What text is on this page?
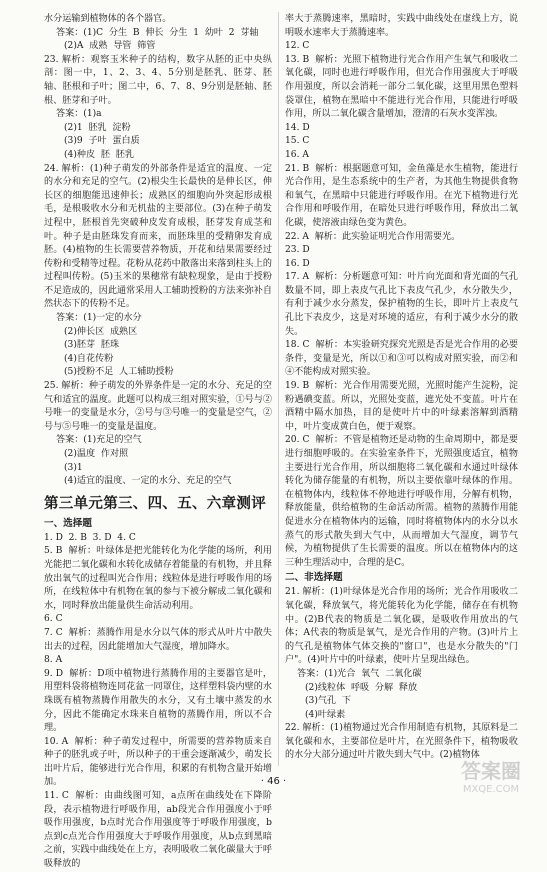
水分运输到植物体的各个器官。

答案：(1)C  分生  B  伸长  分生  1  幼叶  2  芽轴

(2)A  成熟  导管  筛管

23. 解析：观察玉米种子的结构，数字从胚的正中央纵剖：图一中，1、2、3、4、5分别是胚乳、胚芽、胚轴、胚根和子叶；图二中，6、7、8、9分别是胚轴、胚根、胚芽和子叶。

答案：(1)a

(2)1  胚乳  淀粉

(3)9  子叶  蛋白质

(4)种皮  胚  胚乳

24. 解析：(1)种子萌发的外部条件是适宜的温度、一定的水分和充足的空气。(2)根尖生长最快的是伸长区，伸长区的细胞能迅速伸长；成熟区的细胞向外突起形成根毛，是根吸收水分和无机盐的主要部位。(3)在种子萌发过程中，胚根首先突破种皮发育成根，胚芽发育成茎和叶。种子是由胚珠发育而来，而胚珠里的受精卵发育成胚。(4)植物的生长需要营养物质，开花和结果需要经过传粉和受精等过程。花粉从花药中散落出来落到柱头上的过程叫传粉。(5)玉米的果穗常有缺粒现象，是由于授粉不足造成的，因此通常采用人工辅助授粉的方法来弥补自然状态下的传粉不足。

答案：(1)一定的水分

(2)伸长区  成熟区

(3)胚芽  胚珠

(4)自花传粉

(5)授粉不足  人工辅助授粉

25. 解析：种子萌发的外界条件是一定的水分、充足的空气和适宜的温度。此题可以构成三组对照实验，①号与②号唯一的变量是水分，②号与③号唯一的变量是空气，②号与⑤号唯一的变量是温度。

答案：(1)充足的空气

(2)温度  作对照

(3)1

(4)适宜的温度、一定的水分、充足的空气

第三单元第三、四、五、六章测评
一、选择题

1. D  2. B  3. D  4. C

5. B  解析：叶绿体是把光能转化为化学能的场所，利用光能把二氧化碳和水转化成储存着能量的有机物，并且释放出氧气的过程叫光合作用；线粒体是进行呼吸作用的场所，在线粒体中有机物在氧的参与下被分解成二氧化碳和水，同时释放出能量供生命活动利用。

6. C

7. C  解析：蒸腾作用是水分以气体的形式从叶片中散失出去的过程，因此能增加大气湿度，增加降水。

8. A

9. D  解析：D项中植物进行蒸腾作用的主要器官是叶，用塑料袋将植物连同花盆一同罩住，这样塑料袋内壁的水珠既有植物蒸腾作用散失的水分，又有土壤中蒸发的水分，因此不能确定水珠来自植物的蒸腾作用，所以不合理。

10. A  解析：种子萌发过程中，所需要的营养物质来自种子的胚乳或子叶，所以种子的干重会逐渐减少，萌发长出叶片后，能够进行光合作用，积累的有机物含量开始增加。

11. C  解析：由曲线图可知，a点所在曲线处在下降阶段，表示植物进行呼吸作用，ab段光合作用强度小于呼吸作用强度，b点时光合作用强度等于呼吸作用强度，b点到c点光合作用强度大于呼吸作用强度，从b点到黑暗之前，实践中曲线处在上方，表明吸收二氧化碳量大于呼吸释放的

率大于蒸腾速率，黑暗时，实践中曲线处在虚线上方，说明吸水速率大于蒸腾速率。

12. C

13. B  解析：光照下植物进行光合作用产生氧气和吸收二氧化碳，同时也进行呼吸作用，但光合作用强度大于呼吸作用强度，所以会消耗一部分二氧化碳，这里用黑色塑料袋罩住，植物在黑暗中不能进行光合作用，只能进行呼吸作用，所以二氧化碳含量增加，澄清的石灰水变浑浊。

14. D

15. C

16. A

21. B  解析：根据题意可知，金鱼藻是水生植物，能进行光合作用，是生态系统中的生产者，为其他生物提供食物和氧气，在黑暗中只能进行呼吸作用。在光下植物进行光合作用和呼吸作用，在暗处只进行呼吸作用，释放出二氧化碳，使溶液由绿色变为黄色。

22. A  解析：此实验证明光合作用需要光。

23. D

16. D

17. A  解析：分析题意可知：叶片向光面和背光面的气孔数量不同，即上表皮气孔比下表皮气孔少，水分散失少，有利于减少水分蒸发，保护植物的生长，即叶片上表皮气孔比下表皮少，这是对环境的适应，有利于减少水分的散失。

18. C  解析：本实验研究探究光照是否是光合作用的必要条件，变量是光，所以①和③可以构成对照实验，而②和④不能构成对照实验。

19. B  解析：光合作用需要光照，光照时能产生淀粉，淀粉遇碘变蓝。所以，光照处变蓝，遮光处不变蓝。叶片在酒精中隔水加热，目的是使叶片中的叶绿素溶解到酒精中，叶片变成黄白色，便于观察。

20. C  解析：不管是植物还是动物的生命周期中，都是要进行细胞呼吸的。在实验室条件下，光照强度适宜，植物主要进行光合作用，所以细胞将二氧化碳和水通过叶绿体转化为储存能量的有机物，所以主要依靠叶绿体的作用。在植物体内，线粒体不停地进行呼吸作用，分解有机物，释放能量，供给植物的生命活动所需。植物的蒸腾作用能促进水分在植物体内的运输，同时将植物体内的水分以水蒸气的形式散失到大气中，从而增加大气湿度，调节气候，为植物提供了生长需要的温度。所以在植物体内的这三种生理活动中，合理的是C。

二、非选择题

21. 解析：(1)叶绿体是光合作用的场所；光合作用吸收二氧化碳，释放氧气，将光能转化为化学能，储存在有机物中。(2)B代表的物质是二氧化碳，是吸收作用放出的气体；A代表的物质是氧气，是光合作用的产物。(3)叶片上的气孔是植物体气体交换的"窗口"，也是水分散失的"门户"。(4)叶片中的叶绿素，使叶片呈现出绿色。

答案：(1)光合  氧气  二氧化碳

(2)线粒体  呼吸  分解  释放

(3)气孔  下

(4)叶绿素

22. 解析：(1)植物通过光合作用制造有机物，其原料是二氧化碳和水，主要部位是叶片，在光照条件下，植物吸收的水分大部分通过叶片散失到大气中。(2)植物体

· 46 ·	答案圈
MXQE.COM
